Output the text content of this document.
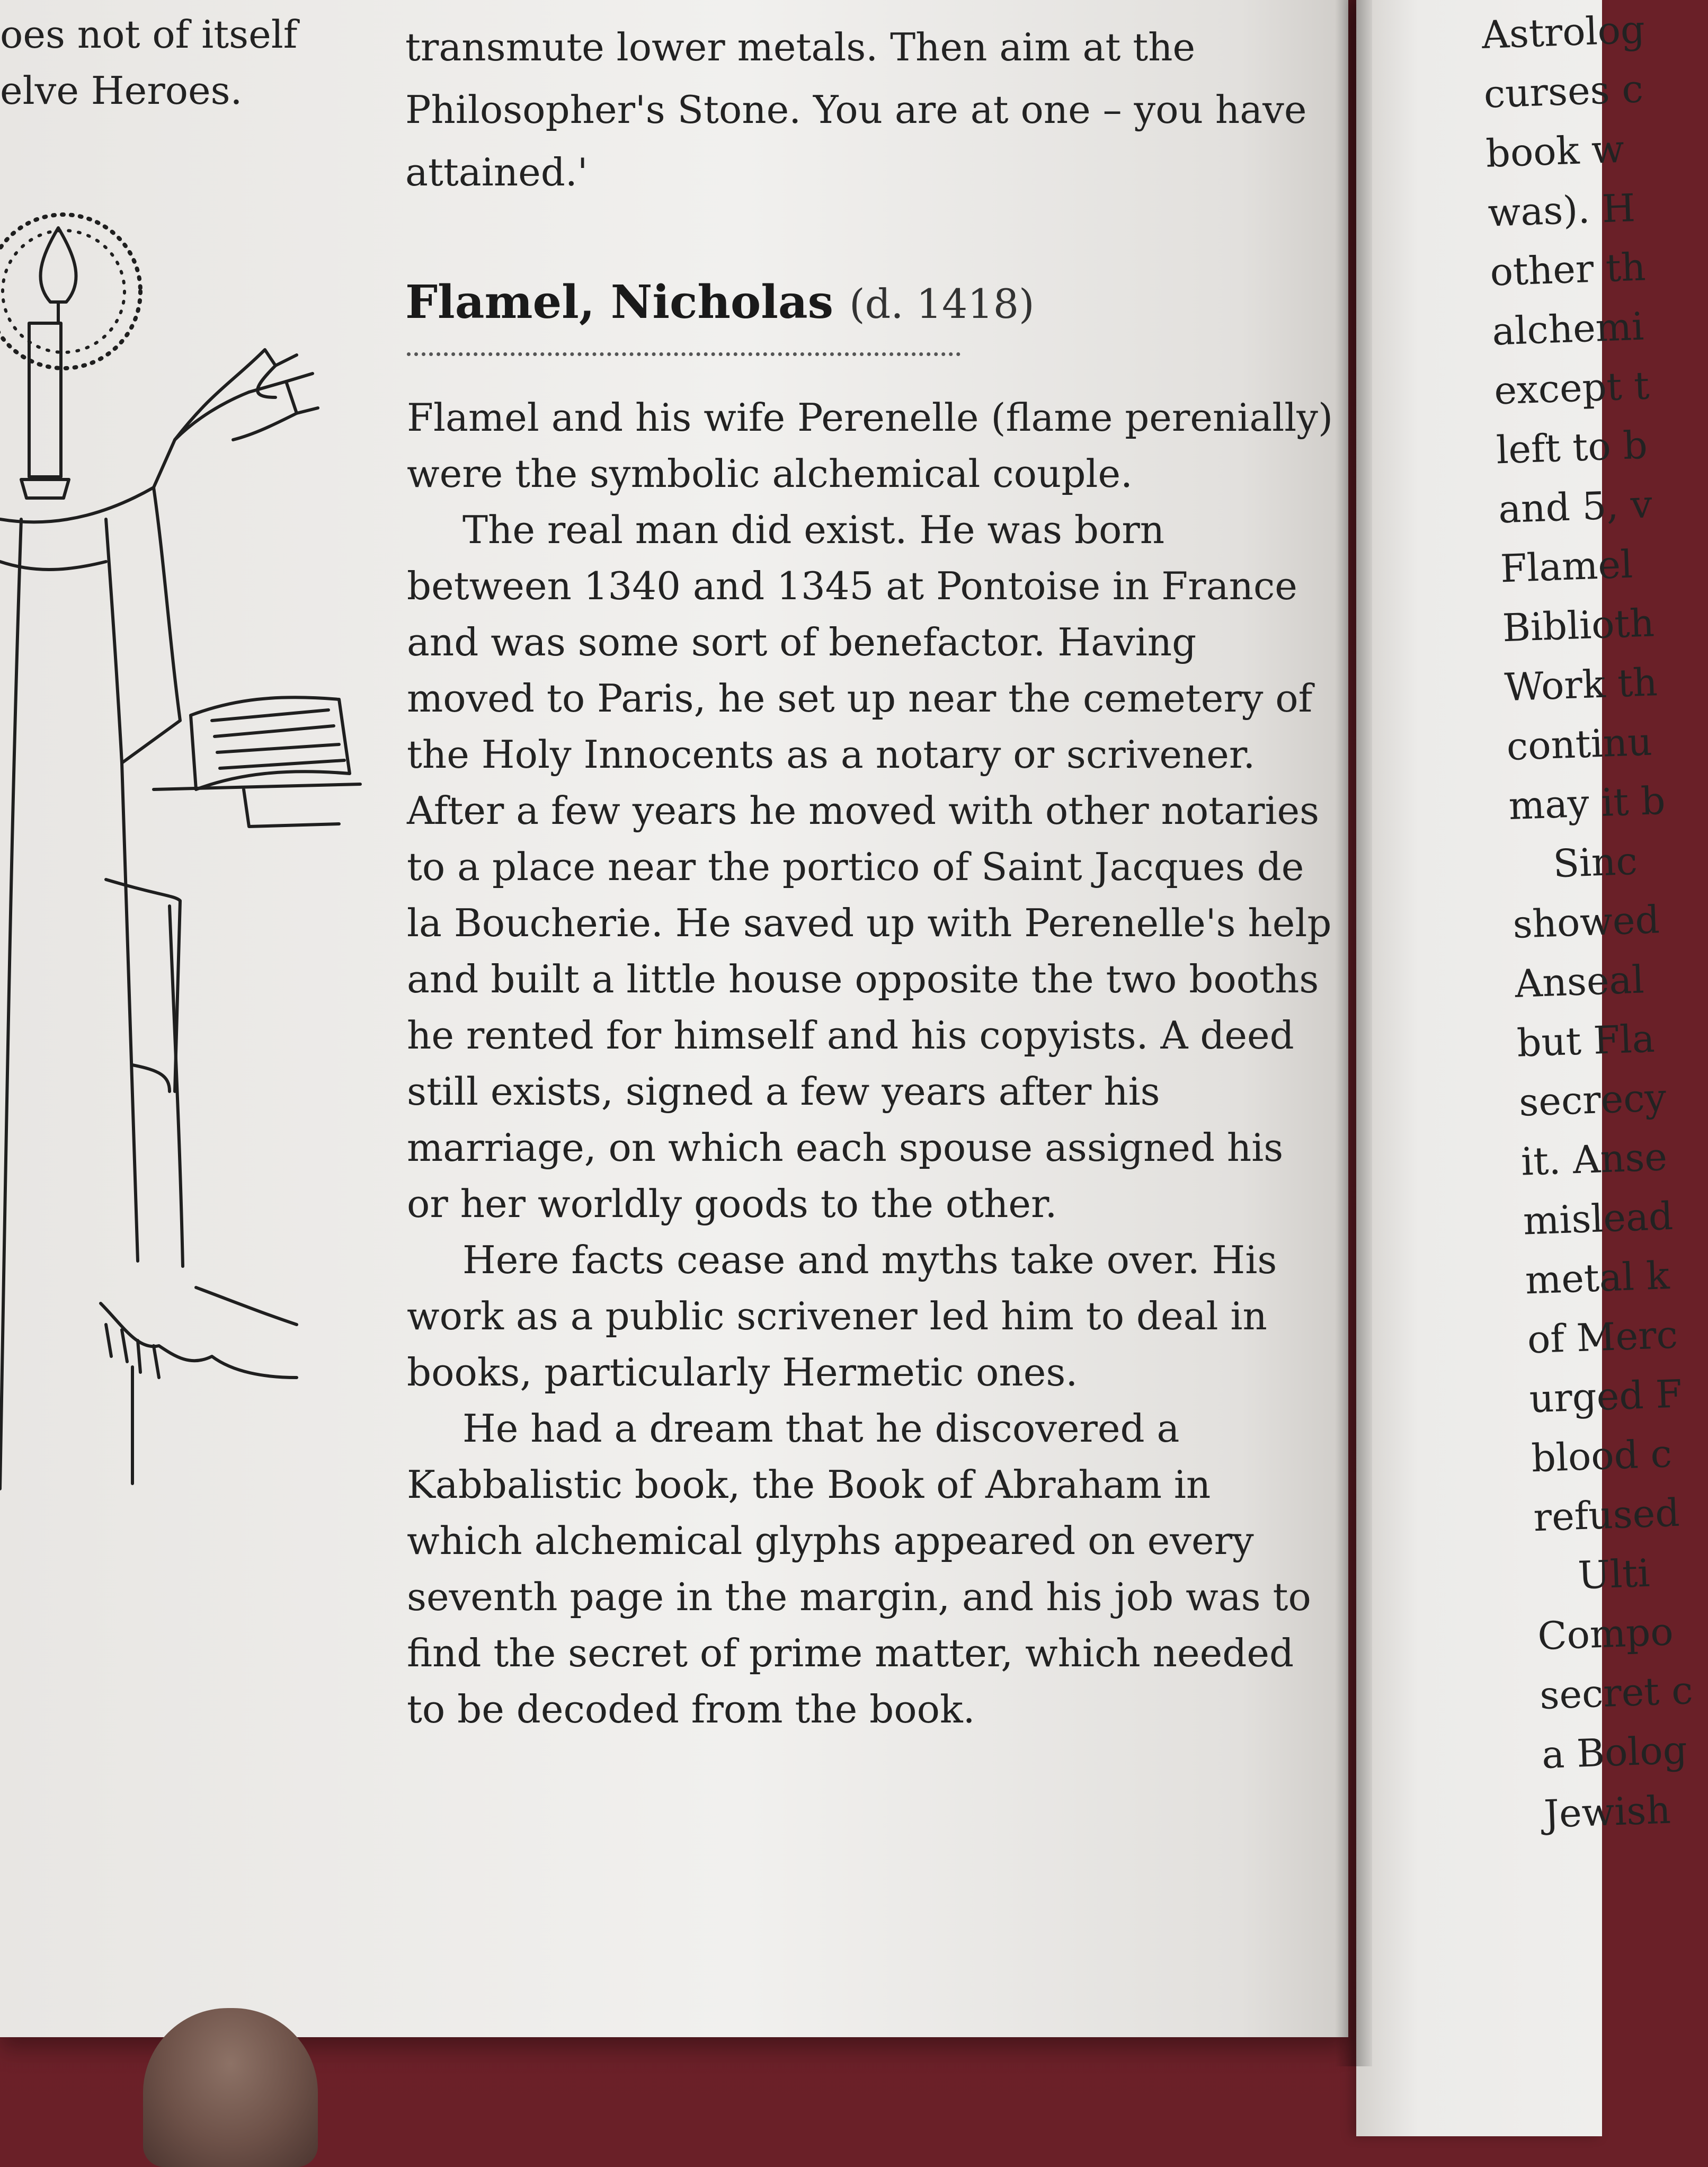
oes not of itself
elve Heroes.
transmute lower metals. Then aim at the
Philosopher's Stone. You are at one – you have
attained.'
Flamel, Nicholas (d. 1418)
Flamel and his wife Perenelle (flame perenially)
were the symbolic alchemical couple.
The real man did exist. He was born
between 1340 and 1345 at Pontoise in France
and was some sort of benefactor. Having
moved to Paris, he set up near the cemetery of
the Holy Innocents as a notary or scrivener.
After a few years he moved with other notaries
to a place near the portico of Saint Jacques de
la Boucherie. He saved up with Perenelle's help
and built a little house opposite the two booths
he rented for himself and his copyists. A deed
still exists, signed a few years after his
marriage, on which each spouse assigned his
or her worldly goods to the other.
Here facts cease and myths take over. His
work as a public scrivener led him to deal in
books, particularly Hermetic ones.
He had a dream that he discovered a
Kabbalistic book, the Book of Abraham in
which alchemical glyphs appeared on every
seventh page in the margin, and his job was to
find the secret of prime matter, which needed
to be decoded from the book.
Astrolog
curses c
book w
was). H
other th
alchemi
except t
left to b
and 5, v
Flamel
Biblioth
Work th
continu
may it b
Sinc
showed
Anseal
but Fla
secrecy
it. Anse
mislead
metal k
of Merc
urged F
blood c
refused
Ulti
Compo
secret c
a Bolog
Jewish
